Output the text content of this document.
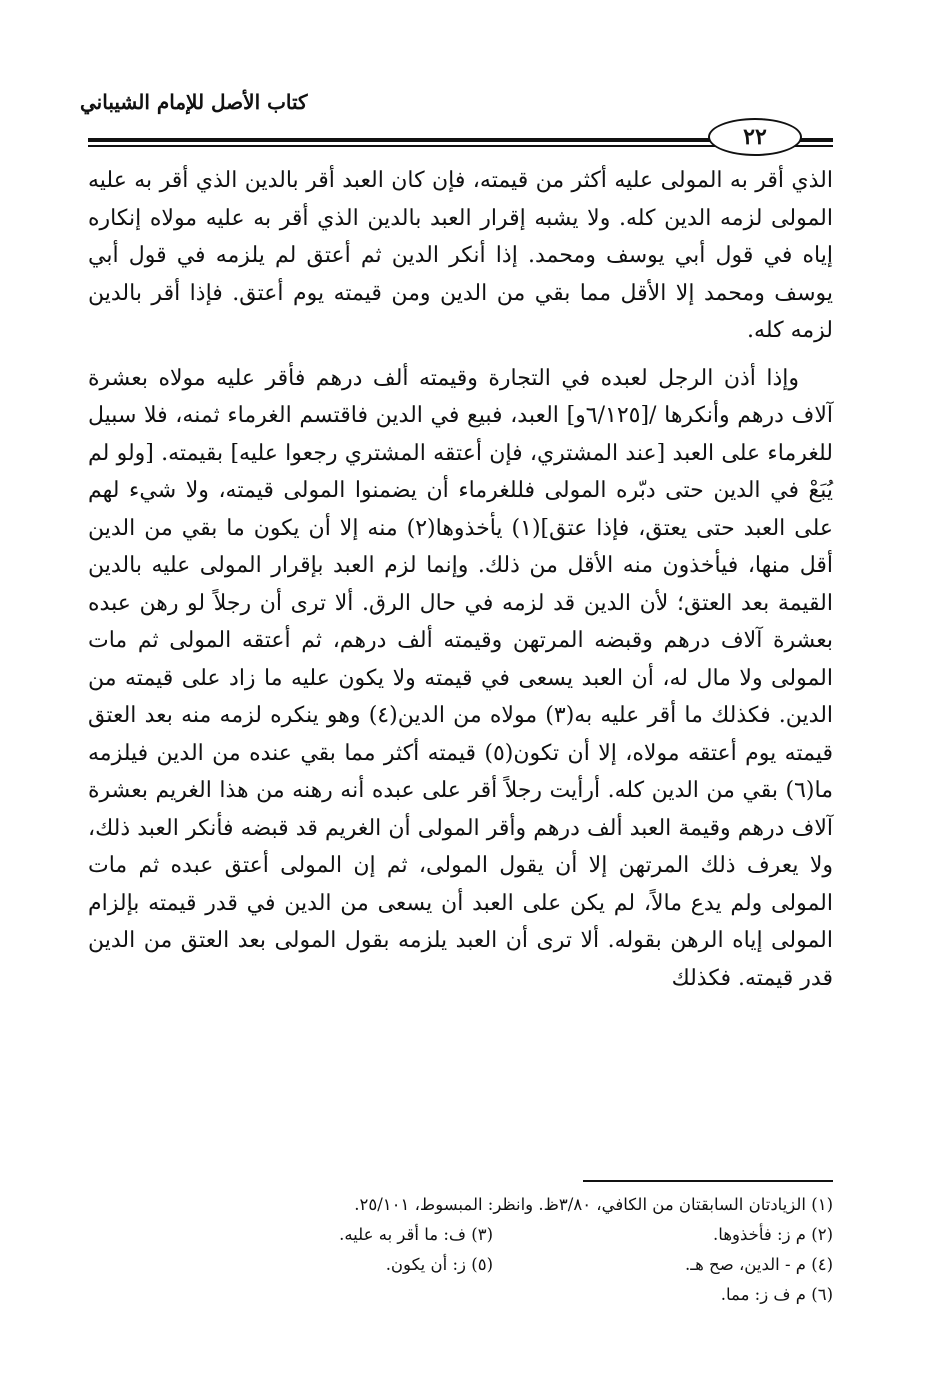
كتاب الأصل للإمام الشيباني
٢٢

الذي أقر به المولى عليه أكثر من قيمته، فإن كان العبد أقر بالدين الذي أقر به عليه المولى لزمه الدين كله. ولا يشبه إقرار العبد بالدين الذي أقر به عليه مولاه إنكاره إياه في قول أبي يوسف ومحمد. إذا أنكر الدين ثم أعتق لم يلزمه في قول أبي يوسف ومحمد إلا الأقل مما بقي من الدين ومن قيمته يوم أعتق. فإذا أقر بالدين لزمه كله.

وإذا أذن الرجل لعبده في التجارة وقيمته ألف درهم فأقر عليه مولاه بعشرة آلاف درهم وأنكرها /[٦/١٢٥و] العبد، فبيع في الدين فاقتسم الغرماء ثمنه، فلا سبيل للغرماء على العبد [عند المشتري، فإن أعتقه المشتري رجعوا عليه] بقيمته. [ولو لم يُبَعْ في الدين حتى دبّره المولى فللغرماء أن يضمنوا المولى قيمته، ولا شيء لهم على العبد حتى يعتق، فإذا عتق](١) يأخذوها(٢) منه إلا أن يكون ما بقي من الدين أقل منها، فيأخذون منه الأقل من ذلك. وإنما لزم العبد بإقرار المولى عليه بالدين القيمة بعد العتق؛ لأن الدين قد لزمه في حال الرق. ألا ترى أن رجلاً لو رهن عبده بعشرة آلاف درهم وقبضه المرتهن وقيمته ألف درهم، ثم أعتقه المولى ثم مات المولى ولا مال له، أن العبد يسعى في قيمته ولا يكون عليه ما زاد على قيمته من الدين. فكذلك ما أقر عليه به(٣) مولاه من الدين(٤) وهو ينكره لزمه منه بعد العتق قيمته يوم أعتقه مولاه، إلا أن تكون(٥) قيمته أكثر مما بقي عنده من الدين فيلزمه ما(٦) بقي من الدين كله. أرأيت رجلاً أقر على عبده أنه رهنه من هذا الغريم بعشرة آلاف درهم وقيمة العبد ألف درهم وأقر المولى أن الغريم قد قبضه فأنكر العبد ذلك، ولا يعرف ذلك المرتهن إلا أن يقول المولى، ثم إن المولى أعتق عبده ثم مات المولى ولم يدع مالاً، لم يكن على العبد أن يسعى من الدين في قدر قيمته بإلزام المولى إياه الرهن بقوله. ألا ترى أن العبد يلزمه بقول المولى بعد العتق من الدين قدر قيمته. فكذلك

(١) الزيادتان السابقتان من الكافي، ٣/٨٠ظ. وانظر: المبسوط، ٢٥/١٠١.
(٢) م ز: فأخذوها.
(٣) ف: ما أقر به عليه.
(٤) م - الدين، صح هـ.
(٥) ز: أن يكون.
(٦) م ف ز: مما.
